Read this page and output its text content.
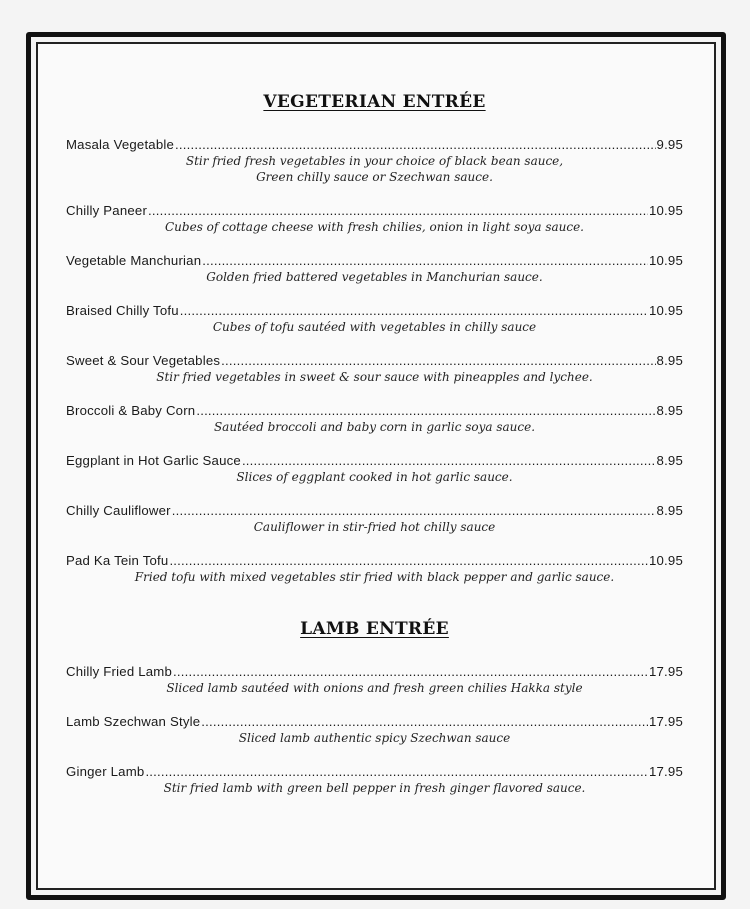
VEGETERIAN ENTRÉE
Masala Vegetable .....	9.95
Stir fried fresh vegetables in your choice of black bean sauce,
Green chilly sauce or Szechwan sauce.
Chilly Paneer .....	10.95
Cubes of cottage cheese with fresh chilies, onion in light soya sauce.
Vegetable Manchurian .....	10.95
Golden fried battered vegetables in Manchurian sauce.
Braised Chilly Tofu .....	10.95
Cubes of tofu sautéed with vegetables in chilly sauce
Sweet & Sour Vegetables .....	8.95
Stir fried vegetables in sweet & sour sauce with pineapples and lychee.
Broccoli & Baby Corn .....	8.95
Sautéed broccoli and baby corn in garlic soya sauce.
Eggplant in Hot Garlic Sauce .....	8.95
Slices of eggplant cooked in hot garlic sauce.
Chilly Cauliflower .....	8.95
Cauliflower in stir-fried hot chilly sauce
Pad Ka Tein Tofu .....	10.95
Fried tofu with mixed vegetables stir fried with black pepper and garlic sauce.
LAMB ENTRÉE
Chilly Fried Lamb .....	17.95
Sliced lamb sautéed with onions and fresh green chilies Hakka style
Lamb Szechwan Style .....	17.95
Sliced lamb authentic spicy Szechwan sauce
Ginger Lamb .....	17.95
Stir fried lamb with green bell pepper in fresh ginger flavored sauce.
